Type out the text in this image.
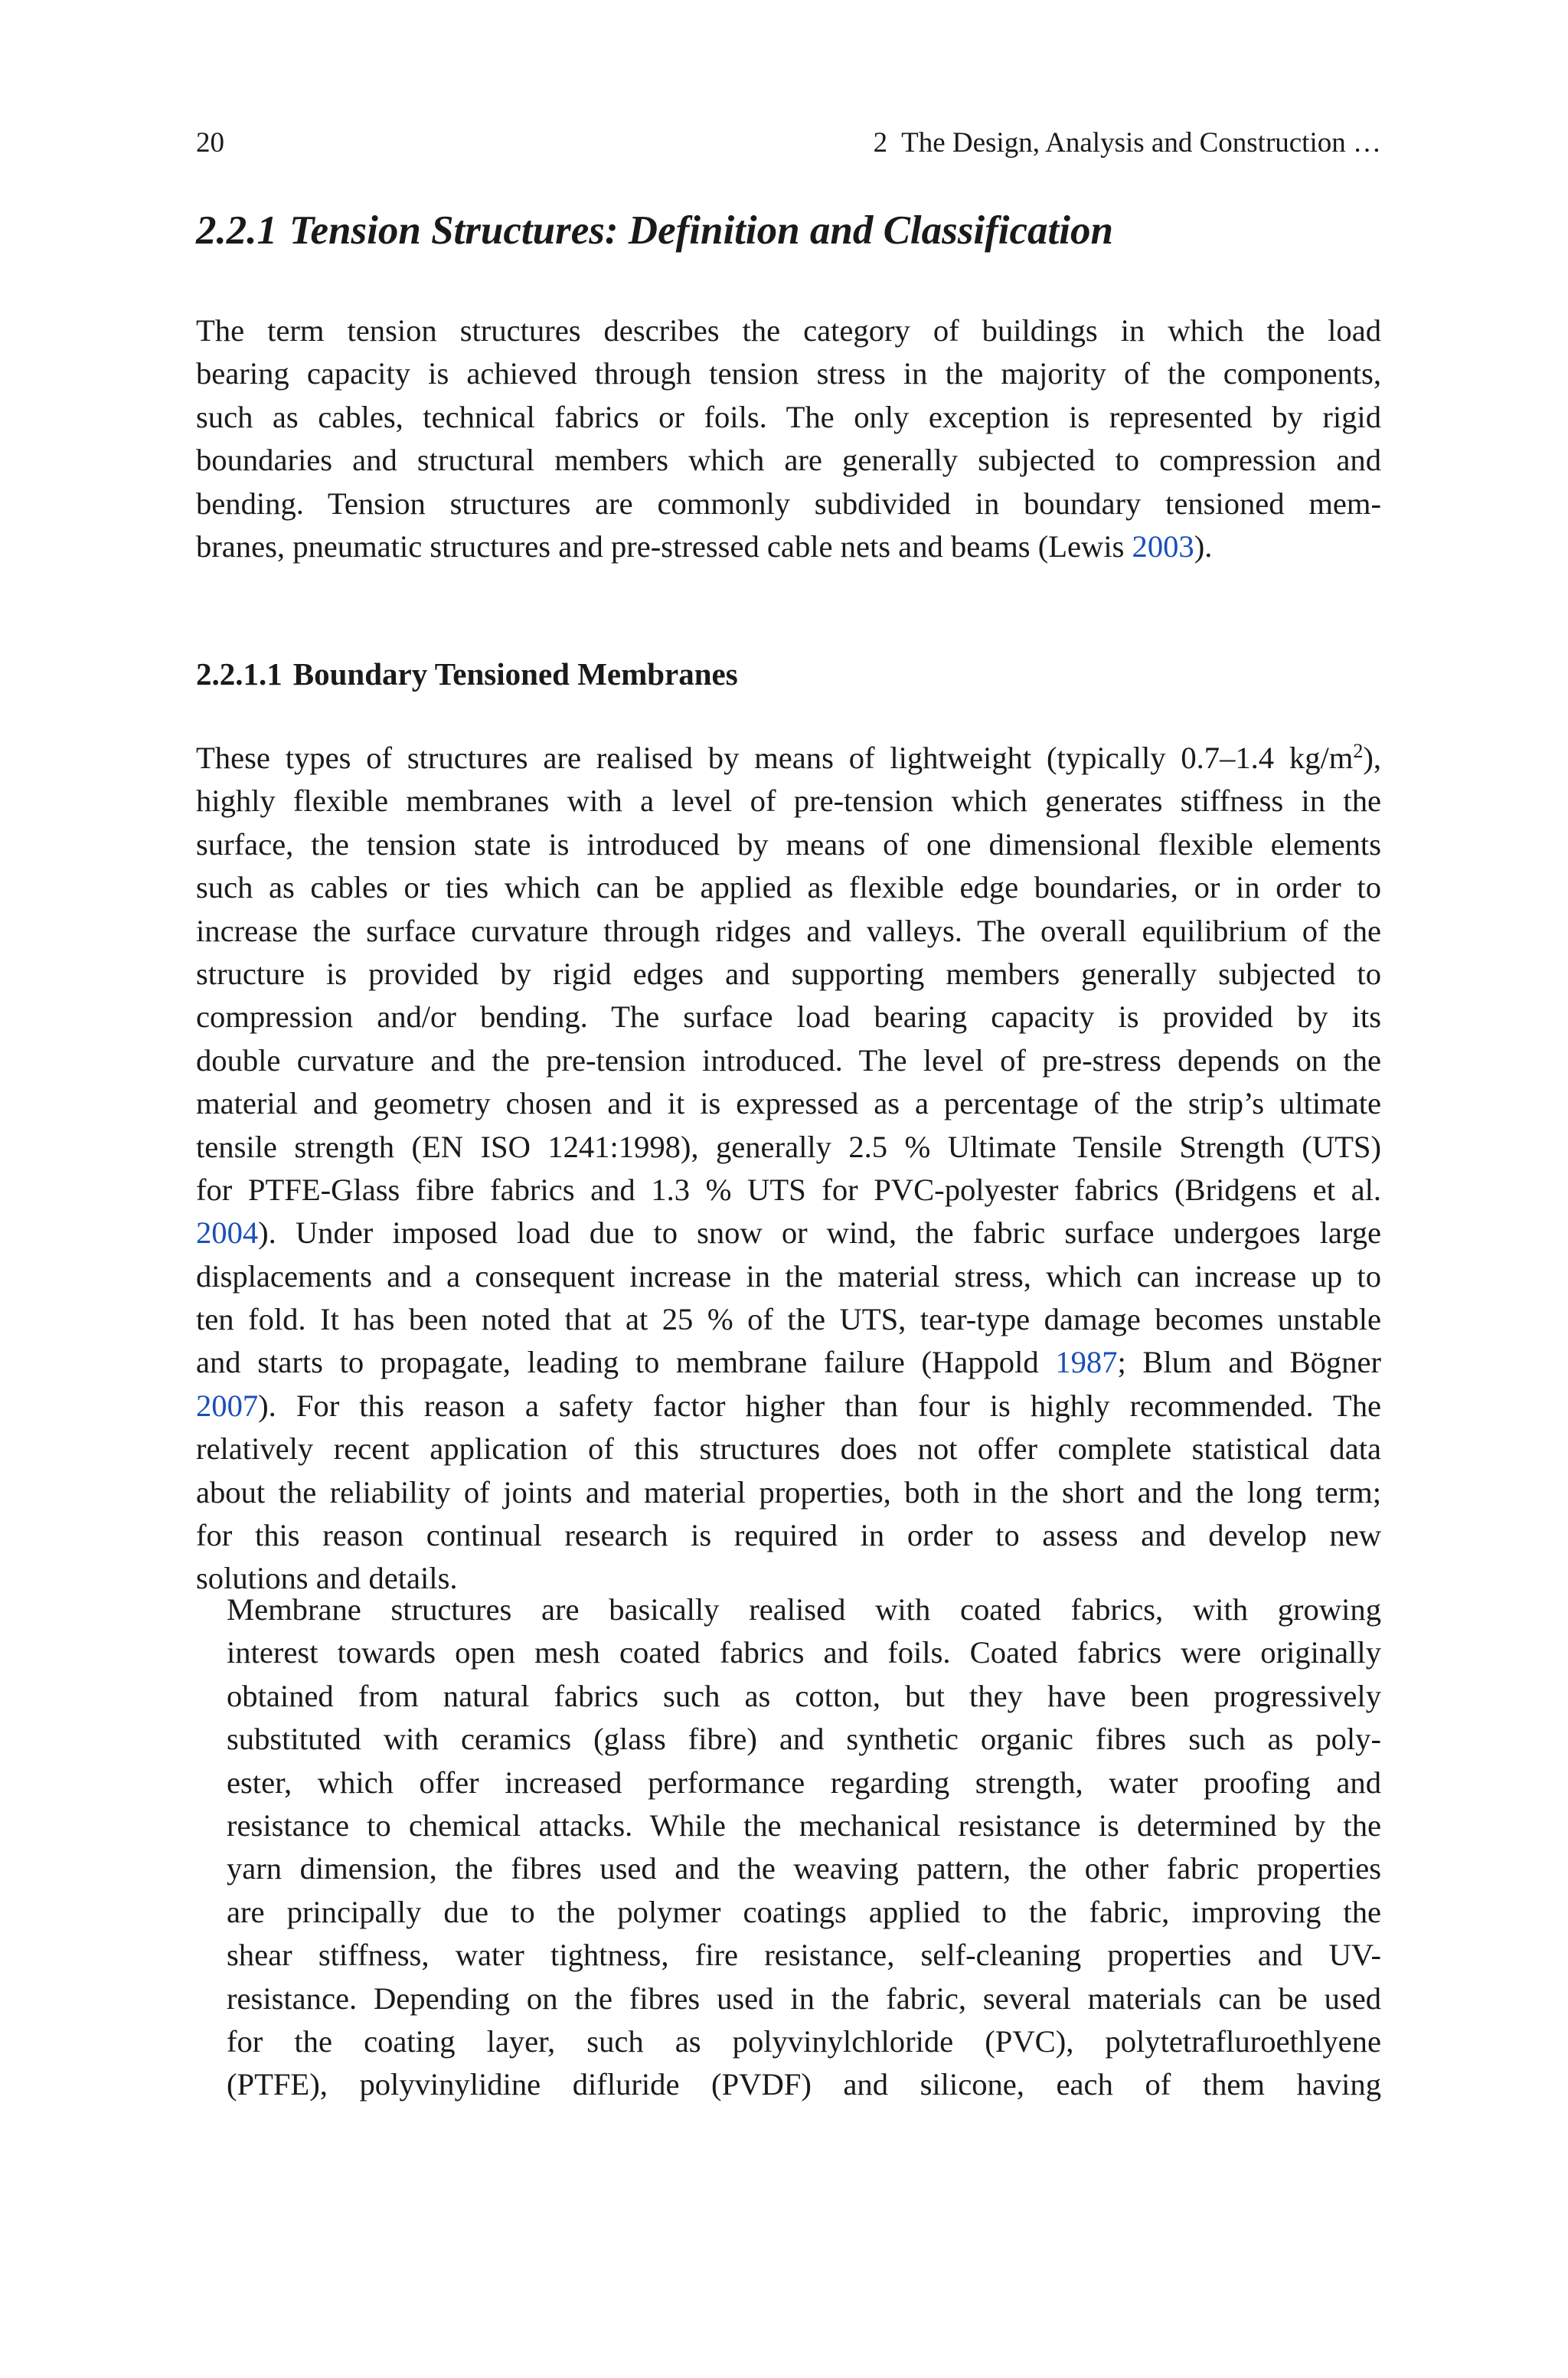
20	2 The Design, Analysis and Construction …
2.2.1 Tension Structures: Definition and Classification

The term tension structures describes the category of buildings in which the load
bearing capacity is achieved through tension stress in the majority of the components,
such as cables, technical fabrics or foils. The only exception is represented by rigid
boundaries and structural members which are generally subjected to compression and
bending. Tension structures are commonly subdivided in boundary tensioned mem-
branes, pneumatic structures and pre-stressed cable nets and beams (Lewis 2003).

2.2.1.1 Boundary Tensioned Membranes

These types of structures are realised by means of lightweight (typically 0.7–1.4 $kg/m^2$),
highly flexible membranes with a level of pre-tension which generates stiffness in the
surface, the tension state is introduced by means of one dimensional flexible elements
such as cables or ties which can be applied as flexible edge boundaries, or in order to
increase the surface curvature through ridges and valleys. The overall equilibrium of the
structure is provided by rigid edges and supporting members generally subjected to
compression and/or bending. The surface load bearing capacity is provided by its
double curvature and the pre-tension introduced. The level of pre-stress depends on the
material and geometry chosen and it is expressed as a percentage of the strip’s ultimate
tensile strength (EN ISO 1241:1998), generally 2.5 % Ultimate Tensile Strength (UTS)
for PTFE-Glass fibre fabrics and 1.3 % UTS for PVC-polyester fabrics (Bridgens et al.
2004). Under imposed load due to snow or wind, the fabric surface undergoes large
displacements and a consequent increase in the material stress, which can increase up to
ten fold. It has been noted that at 25 % of the UTS, tear-type damage becomes unstable
and starts to propagate, leading to membrane failure (Happold 1987; Blum and Bögner
2007). For this reason a safety factor higher than four is highly recommended. The
relatively recent application of this structures does not offer complete statistical data
about the reliability of joints and material properties, both in the short and the long term;
for this reason continual research is required in order to assess and develop new
solutions and details.

Membrane structures are basically realised with coated fabrics, with growing
interest towards open mesh coated fabrics and foils. Coated fabrics were originally
obtained from natural fabrics such as cotton, but they have been progressively
substituted with ceramics (glass fibre) and synthetic organic fibres such as poly-
ester, which offer increased performance regarding strength, water proofing and
resistance to chemical attacks. While the mechanical resistance is determined by the
yarn dimension, the fibres used and the weaving pattern, the other fabric properties
are principally due to the polymer coatings applied to the fabric, improving the
shear stiffness, water tightness, fire resistance, self-cleaning properties and UV-
resistance. Depending on the fibres used in the fabric, several materials can be used
for the coating layer, such as polyvinylchloride (PVC), polytetrafluroethlyene
(PTFE), polyvinylidine difluride (PVDF) and silicone, each of them having
